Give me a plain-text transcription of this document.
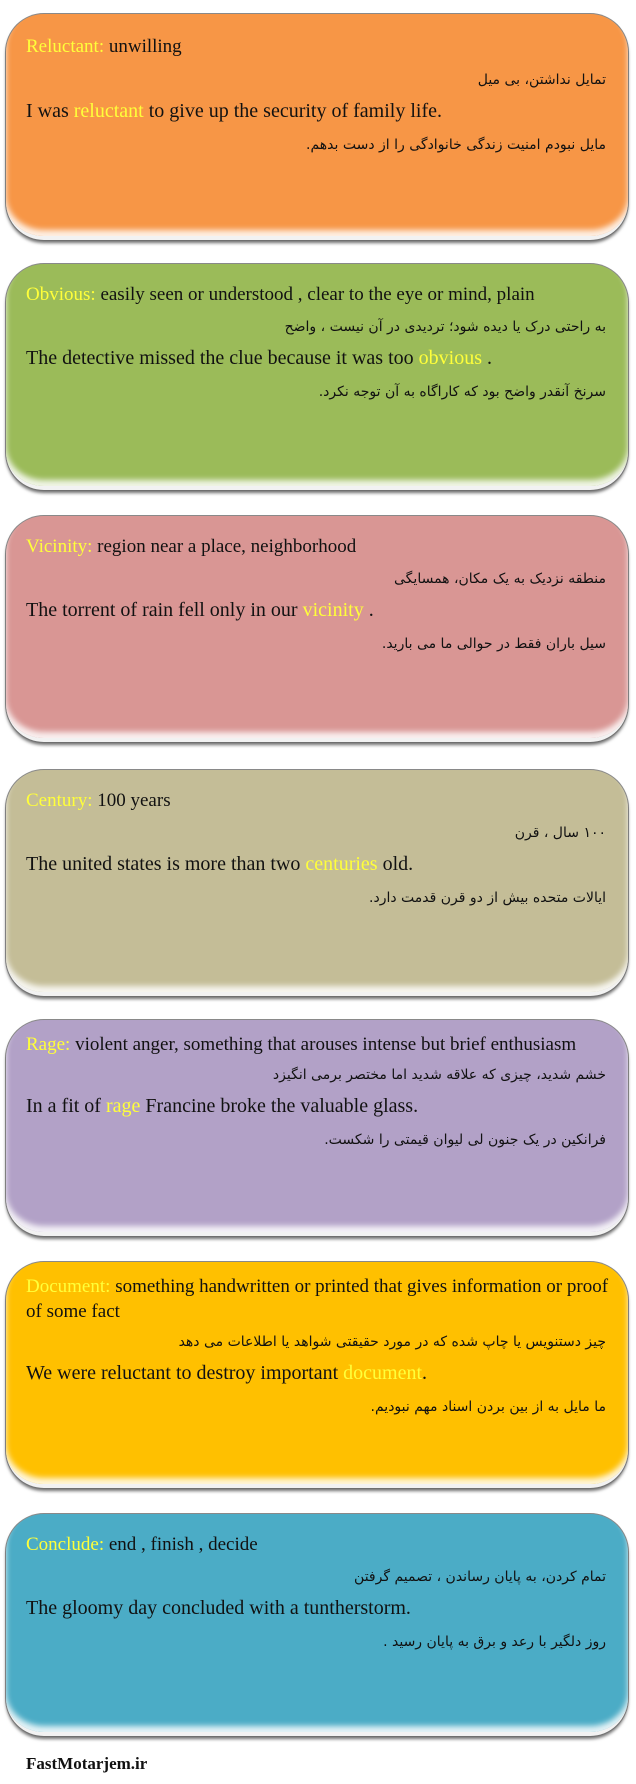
Reluctant: unwilling
تمایل نداشتن، بی میل
I was reluctant to give up the security of family life.
مایل نبودم امنیت زندگی خانوادگی را از دست بدهم.
Obvious: easily seen or understood , clear to the eye or mind, plain
به راحتی درک یا دیده شود؛ تردیدی در آن نیست ، واضح
The detective missed the clue because it was too obvious .
سرنخ آنقدر واضح بود که کاراگاه به آن توجه نکرد.
Vicinity: region near a place, neighborhood
منطقه نزدیک به یک مکان، همسایگی
The torrent of rain fell only in our vicinity .
سیل باران فقط در حوالی ما می بارید.
Century: 100 years
۱۰۰ سال ، قرن
The united states is more than two centuries old.
ایالات متحده بیش از دو قرن قدمت دارد.
Rage: violent anger, something that arouses intense but brief enthusiasm
خشم شدید، چیزی که علاقه شدید اما مختصر برمی انگیزد
In a fit of rage Francine broke the valuable glass.
فرانکین در یک جنون لی لیوان قیمتی را شکست.
Document: something handwritten or printed that gives information or proof of some fact
چیز دستنویس یا چاپ شده که در مورد حقیقتی شواهد یا اطلاعات می دهد
We were reluctant to destroy important document.
ما مایل به از بین بردن اسناد مهم نبودیم.
Conclude: end , finish , decide
تمام کردن، به پایان رساندن ، تصمیم گرفتن
The gloomy day concluded with a tuntherstorm.
روز دلگیر با رعد و برق به پایان رسید .
FastMotarjem.ir
